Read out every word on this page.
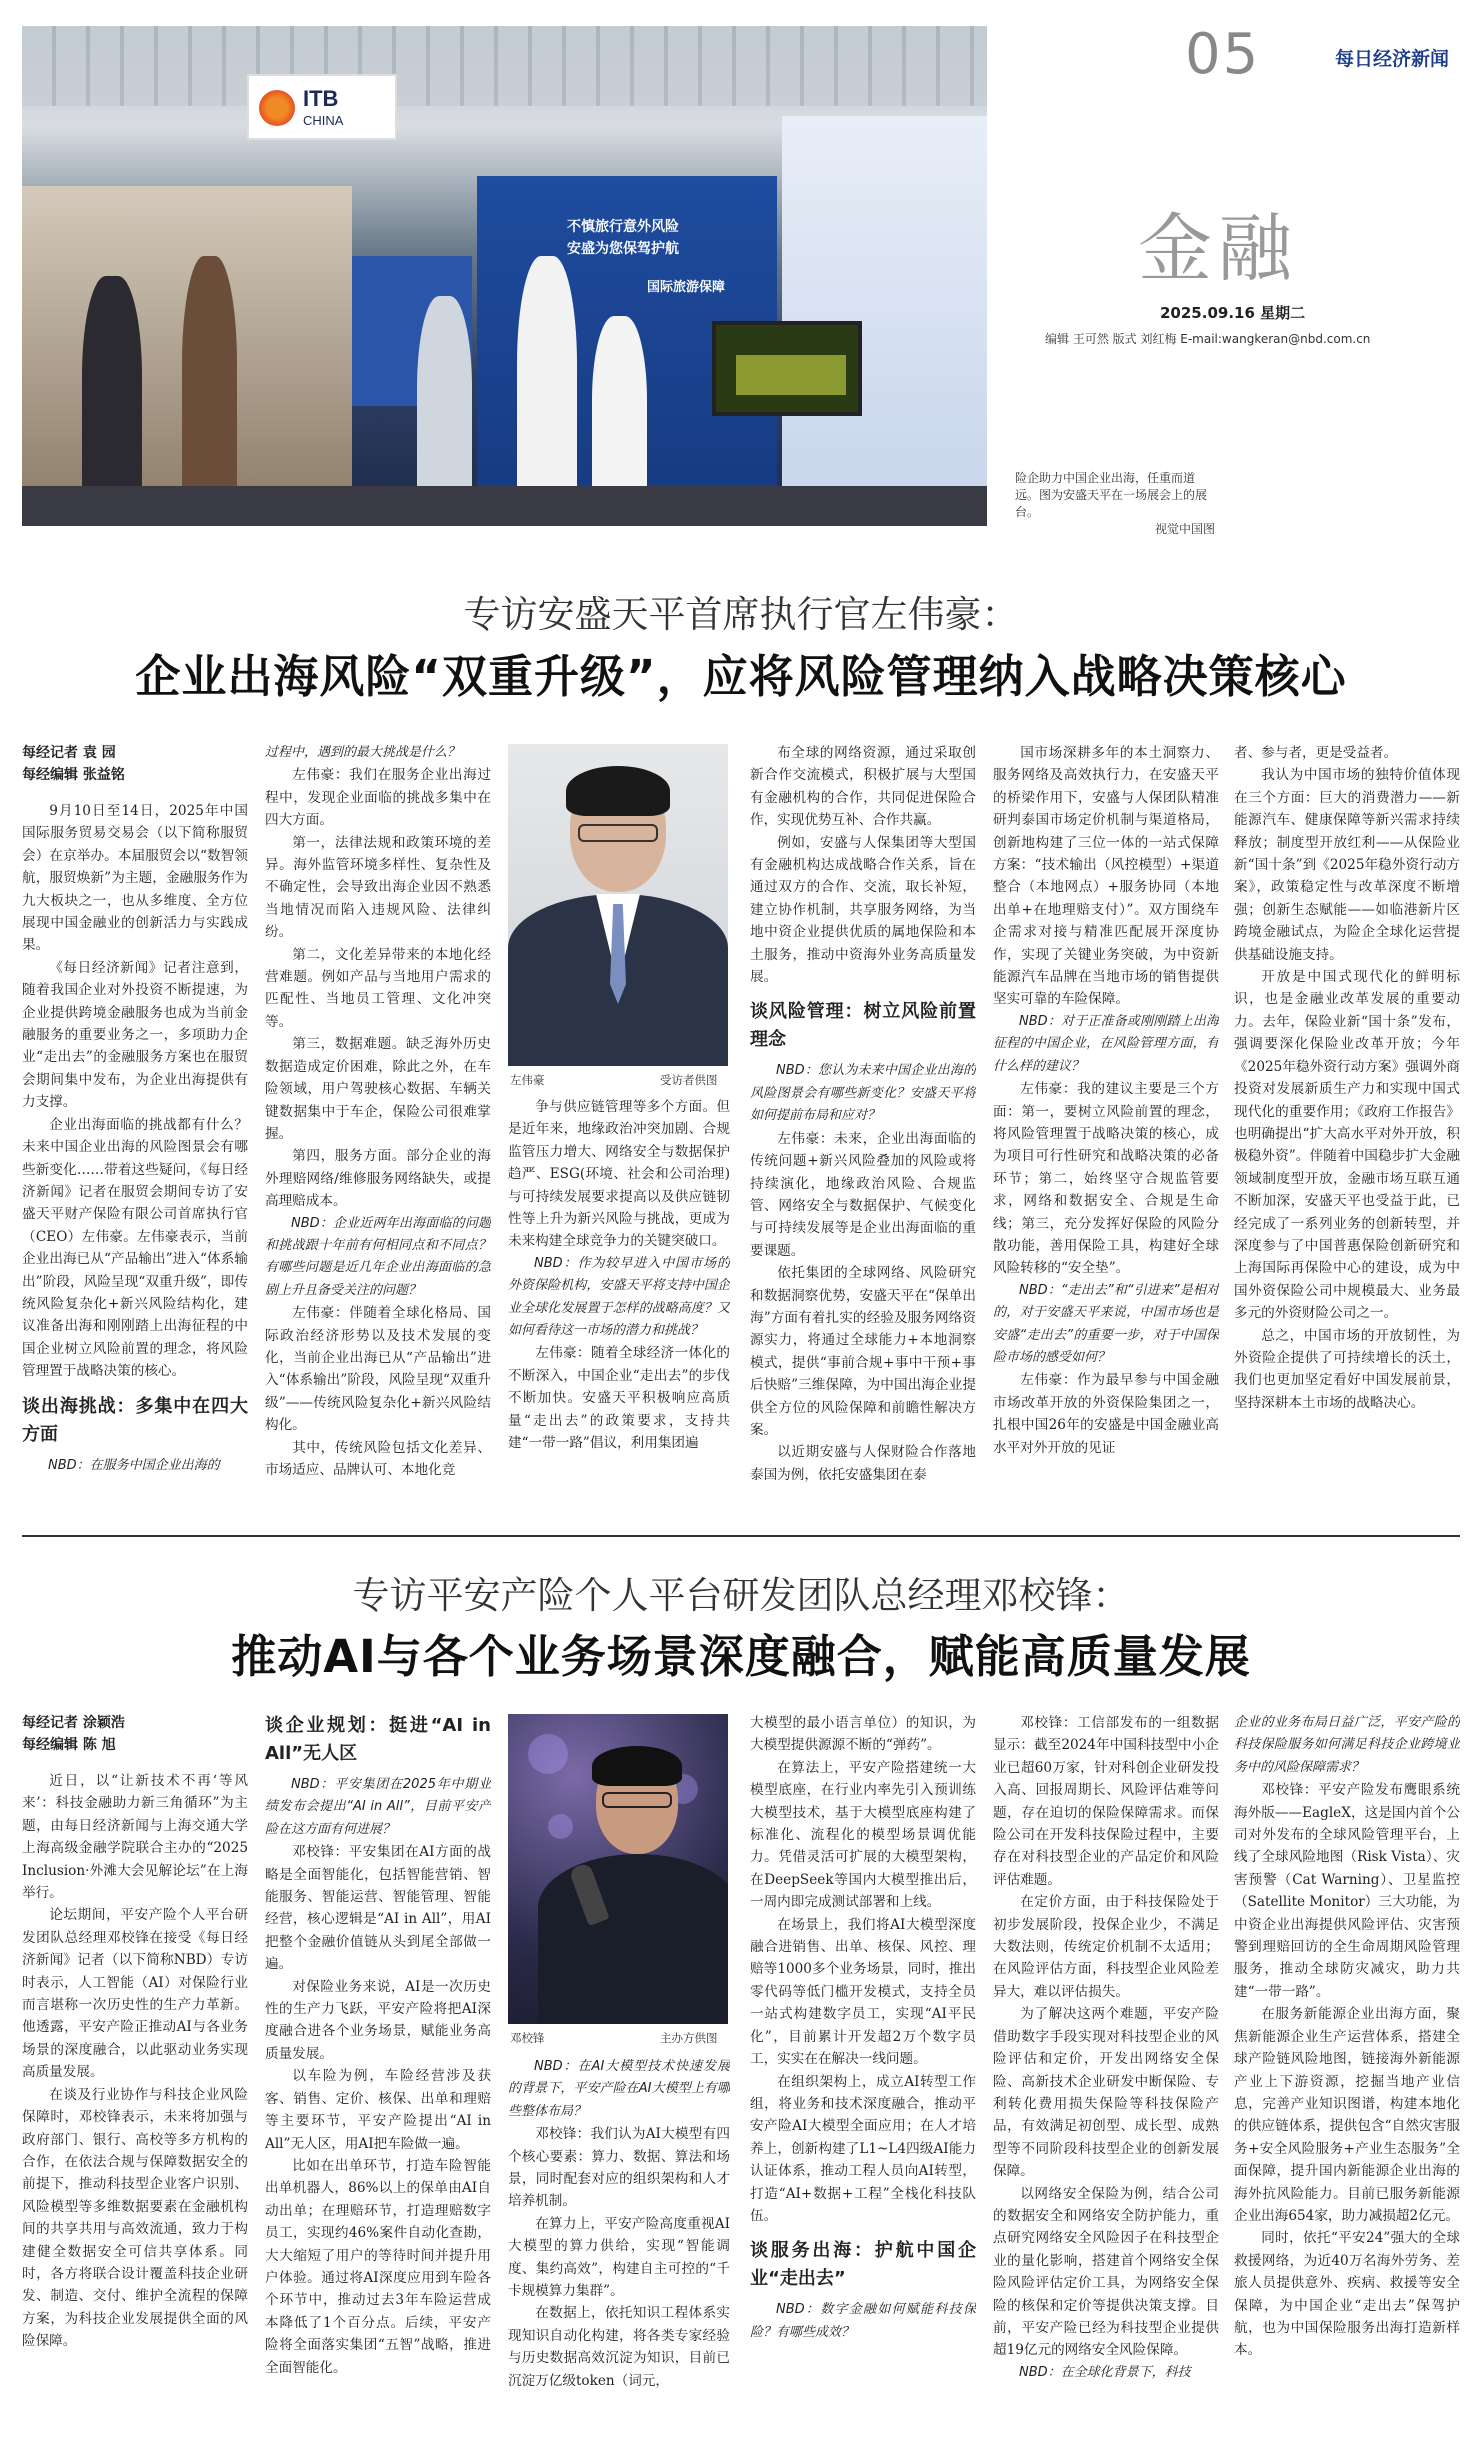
不慎旅行意外风险
安盛为您保驾护航
国际旅游保障
ITB
CHINA
05	每日经济新闻
金融
2025.09.16 星期二
编辑 王可然 版式 刘红梅 E-mail:wangkeran@nbd.com.cn
险企助力中国企业出海，任重而道远。图为安盛天平在一场展会上的展台。
视觉中国图
专访安盛天平首席执行官左伟豪：
企业出海风险“双重升级”，应将风险管理纳入战略决策核心

每经记者 袁 园

每经编辑 张益铭

9月10日至14日，2025年中国国际服务贸易交易会（以下简称服贸会）在京举办。本届服贸会以“数智领航，服贸焕新”为主题，金融服务作为九大板块之一，也从多维度、全方位展现中国金融业的创新活力与实践成果。

《每日经济新闻》记者注意到，随着我国企业对外投资不断提速，为企业提供跨境金融服务也成为当前金融服务的重要业务之一，多项助力企业“走出去”的金融服务方案也在服贸会期间集中发布，为企业出海提供有力支撑。

企业出海面临的挑战都有什么？未来中国企业出海的风险图景会有哪些新变化……带着这些疑问，《每日经济新闻》记者在服贸会期间专访了安盛天平财产保险有限公司首席执行官（CEO）左伟豪。左伟豪表示，当前企业出海已从“产品输出”进入“体系输出”阶段，风险呈现“双重升级”，即传统风险复杂化+新兴风险结构化，建议准备出海和刚刚踏上出海征程的中国企业树立风险前置的理念，将风险管理置于战略决策的核心。

谈出海挑战：多集中在四大方面

NBD：在服务中国企业出海的

过程中，遇到的最大挑战是什么？

左伟豪：我们在服务企业出海过程中，发现企业面临的挑战多集中在四大方面。

第一，法律法规和政策环境的差异。海外监管环境多样性、复杂性及不确定性，会导致出海企业因不熟悉当地情况而陷入违规风险、法律纠纷。

第二，文化差异带来的本地化经营难题。例如产品与当地用户需求的匹配性、当地员工管理、文化冲突等。

第三，数据难题。缺乏海外历史数据造成定价困难，除此之外，在车险领域，用户驾驶核心数据、车辆关键数据集中于车企，保险公司很难掌握。

第四，服务方面。部分企业的海外理赔网络/维修服务网络缺失，或提高理赔成本。

NBD：企业近两年出海面临的问题和挑战跟十年前有何相同点和不同点？有哪些问题是近几年企业出海面临的急剧上升且备受关注的问题？

左伟豪：伴随着全球化格局、国际政治经济形势以及技术发展的变化，当前企业出海已从“产品输出”进入“体系输出”阶段，风险呈现“双重升级”——传统风险复杂化+新兴风险结构化。

其中，传统风险包括文化差异、市场适应、品牌认可、本地化竞

左伟豪	受访者供图

争与供应链管理等多个方面。但是近年来，地缘政治冲突加剧、合规监管压力增大、网络安全与数据保护趋严、ESG(环境、社会和公司治理)与可持续发展要求提高以及供应链韧性等上升为新兴风险与挑战，更成为未来构建全球竞争力的关键突破口。

NBD：作为较早进入中国市场的外资保险机构，安盛天平将支持中国企业全球化发展置于怎样的战略高度？又如何看待这一市场的潜力和挑战？

左伟豪：随着全球经济一体化的不断深入，中国企业“走出去”的步伐不断加快。安盛天平积极响应高质量“走出去”的政策要求，支持共建“一带一路”倡议，利用集团遍

布全球的网络资源，通过采取创新合作交流模式，积极扩展与大型国有金融机构的合作，共同促进保险合作，实现优势互补、合作共赢。

例如，安盛与人保集团等大型国有金融机构达成战略合作关系，旨在通过双方的合作、交流，取长补短，建立协作机制，共享服务网络，为当地中资企业提供优质的属地保险和本土服务，推动中资海外业务高质量发展。

谈风险管理：树立风险前置理念

NBD：您认为未来中国企业出海的风险图景会有哪些新变化？安盛天平将如何提前布局和应对？

左伟豪：未来，企业出海面临的传统问题+新兴风险叠加的风险或将持续演化，地缘政治风险、合规监管、网络安全与数据保护、气候变化与可持续发展等是企业出海面临的重要课题。

依托集团的全球网络、风险研究和数据洞察优势，安盛天平在“保单出海”方面有着扎实的经验及服务网络资源实力，将通过全球能力+本地洞察模式，提供“事前合规+事中干预+事后快赔”三维保障，为中国出海企业提供全方位的风险保障和前瞻性解决方案。

以近期安盛与人保财险合作落地泰国为例，依托安盛集团在泰

国市场深耕多年的本土洞察力、服务网络及高效执行力，在安盛天平的桥梁作用下，安盛与人保团队精准研判泰国市场定价机制与渠道格局，创新地构建了三位一体的一站式保障方案：“技术输出（风控模型）+渠道整合（本地网点）+服务协同（本地出单+在地理赔支付）”。双方围绕车企需求对接与精准匹配展开深度协作，实现了关键业务突破，为中资新能源汽车品牌在当地市场的销售提供坚实可靠的车险保障。

NBD：对于正准备或刚刚踏上出海征程的中国企业，在风险管理方面，有什么样的建议？

左伟豪：我的建议主要是三个方面：第一，要树立风险前置的理念，将风险管理置于战略决策的核心，成为项目可行性研究和战略决策的必备环节；第二，始终坚守合规监管要求，网络和数据安全、合规是生命线；第三，充分发挥好保险的风险分散功能，善用保险工具，构建好全球风险转移的“安全垫”。

NBD：“走出去”和“引进来”是相对的，对于安盛天平来说，中国市场也是安盛“走出去”的重要一步，对于中国保险市场的感受如何？

左伟豪：作为最早参与中国金融市场改革开放的外资保险集团之一，扎根中国26年的安盛是中国金融业高水平对外开放的见证

者、参与者，更是受益者。

我认为中国市场的独特价值体现在三个方面：巨大的消费潜力——新能源汽车、健康保障等新兴需求持续释放；制度型开放红利——从保险业新“国十条”到《2025年稳外资行动方案》，政策稳定性与改革深度不断增强；创新生态赋能——如临港新片区跨境金融试点，为险企全球化运营提供基础设施支持。

开放是中国式现代化的鲜明标识，也是金融业改革发展的重要动力。去年，保险业新“国十条”发布，强调要深化保险业改革开放；今年《2025年稳外资行动方案》强调外商投资对发展新质生产力和实现中国式现代化的重要作用；《政府工作报告》也明确提出“扩大高水平对外开放，积极稳外资”。伴随着中国稳步扩大金融领域制度型开放，金融市场互联互通不断加深，安盛天平也受益于此，已经完成了一系列业务的创新转型，并深度参与了中国普惠保险创新研究和上海国际再保险中心的建设，成为中国外资保险公司中规模最大、业务最多元的外资财险公司之一。

总之，中国市场的开放韧性，为外资险企提供了可持续增长的沃土，我们也更加坚定看好中国发展前景，坚持深耕本土市场的战略决心。

专访平安产险个人平台研发团队总经理邓校锋：
推动AI与各个业务场景深度融合，赋能高质量发展

每经记者 涂颖浩

每经编辑 陈 旭

近日，以“让新技术不再‘等风来’：科技金融助力新三角循环”为主题，由每日经济新闻与上海交通大学上海高级金融学院联合主办的“2025 Inclusion·外滩大会见解论坛”在上海举行。

论坛期间，平安产险个人平台研发团队总经理邓校锋在接受《每日经济新闻》记者（以下简称NBD）专访时表示，人工智能（AI）对保险行业而言堪称一次历史性的生产力革新。他透露，平安产险正推动AI与各业务场景的深度融合，以此驱动业务实现高质量发展。

在谈及行业协作与科技企业风险保障时，邓校锋表示，未来将加强与政府部门、银行、高校等多方机构的合作，在依法合规与保障数据安全的前提下，推动科技型企业客户识别、风险模型等多维数据要素在金融机构间的共享共用与高效流通，致力于构建健全数据安全可信共享体系。同时，各方将联合设计覆盖科技企业研发、制造、交付、维护全流程的保障方案，为科技企业发展提供全面的风险保障。

谈企业规划：挺进“AI in All”无人区

NBD：平安集团在2025年中期业绩发布会提出“AI in All”，目前平安产险在这方面有何进展？

邓校锋：平安集团在AI方面的战略是全面智能化，包括智能营销、智能服务、智能运营、智能管理、智能经营，核心逻辑是“AI in All”，用AI把整个金融价值链从头到尾全部做一遍。

对保险业务来说，AI是一次历史性的生产力飞跃，平安产险将把AI深度融合进各个业务场景，赋能业务高质量发展。

以车险为例，车险经营涉及获客、销售、定价、核保、出单和理赔等主要环节，平安产险提出“AI in All”无人区，用AI把车险做一遍。

比如在出单环节，打造车险智能出单机器人，86%以上的保单由AI自动出单；在理赔环节，打造理赔数字员工，实现约46%案件自动化查勘，大大缩短了用户的等待时间并提升用户体验。通过将AI深度应用到车险各个环节中，推动过去3年车险运营成本降低了1个百分点。后续，平安产险将全面落实集团“五智”战略，推进全面智能化。

邓校锋	主办方供图

NBD：在AI大模型技术快速发展的背景下，平安产险在AI大模型上有哪些整体布局？

邓校锋：我们认为AI大模型有四个核心要素：算力、数据、算法和场景，同时配套对应的组织架构和人才培养机制。

在算力上，平安产险高度重视AI大模型的算力供给，实现“智能调度、集约高效”，构建自主可控的“千卡规模算力集群”。

在数据上，依托知识工程体系实现知识自动化构建，将各类专家经验与历史数据高效沉淀为知识，目前已沉淀万亿级token（词元，

大模型的最小语言单位）的知识，为大模型提供源源不断的“弹药”。

在算法上，平安产险搭建统一大模型底座，在行业内率先引入预训练大模型技术，基于大模型底座构建了标准化、流程化的模型场景调优能力。凭借灵活可扩展的大模型架构，在DeepSeek等国内大模型推出后，一周内即完成测试部署和上线。

在场景上，我们将AI大模型深度融合进销售、出单、核保、风控、理赔等1000多个业务场景，同时，推出零代码等低门槛开发模式，支持全员一站式构建数字员工，实现“AI平民化”，目前累计开发超2万个数字员工，实实在在解决一线问题。

在组织架构上，成立AI转型工作组，将业务和技术深度融合，推动平安产险AI大模型全面应用；在人才培养上，创新构建了L1~L4四级AI能力认证体系，推动工程人员向AI转型，打造“AI+数据+工程”全栈化科技队伍。

谈服务出海：护航中国企业“走出去”

NBD：数字金融如何赋能科技保险？有哪些成效？

邓校锋：工信部发布的一组数据显示：截至2024年中国科技型中小企业已超60万家，针对科创企业研发投入高、回报周期长、风险评估难等问题，存在迫切的保险保障需求。而保险公司在开发科技保险过程中，主要存在对科技型企业的产品定价和风险评估难题。

在定价方面，由于科技保险处于初步发展阶段，投保企业少，不满足大数法则，传统定价机制不太适用；在风险评估方面，科技型企业风险差异大，难以评估损失。

为了解决这两个难题，平安产险借助数字手段实现对科技型企业的风险评估和定价，开发出网络安全保险、高新技术企业研发中断保险、专利转化费用损失保险等科技保险产品，有效满足初创型、成长型、成熟型等不同阶段科技型企业的创新发展保障。

以网络安全保险为例，结合公司的数据安全和网络安全防护能力，重点研究网络安全风险因子在科技型企业的量化影响，搭建首个网络安全保险风险评估定价工具，为网络安全保险的核保和定价等提供决策支撑。目前，平安产险已经为科技型企业提供超19亿元的网络安全风险保障。

NBD：在全球化背景下，科技

企业的业务布局日益广泛，平安产险的科技保险服务如何满足科技企业跨境业务中的风险保障需求？

邓校锋：平安产险发布鹰眼系统海外版——EagleX，这是国内首个公司对外发布的全球风险管理平台，上线了全球风险地图（Risk Vista）、灾害预警（Cat Warning）、卫星监控（Satellite Monitor）三大功能，为中资企业出海提供风险评估、灾害预警到理赔回访的全生命周期风险管理服务，推动全球防灾减灾，助力共建“一带一路”。

在服务新能源企业出海方面，聚焦新能源企业生产运营体系，搭建全球产险链风险地图，链接海外新能源产业上下游资源，挖掘当地产业信息，完善产业知识图谱，构建本地化的供应链体系，提供包含“自然灾害服务+安全风险服务+产业生态服务”全面保障，提升国内新能源企业出海的海外抗风险能力。目前已服务新能源企业出海654家，助力减损超2亿元。

同时，依托“平安24”强大的全球救援网络，为近40万名海外劳务、差旅人员提供意外、疾病、救援等安全保障，为中国企业“走出去”保驾护航，也为中国保险服务出海打造新样本。
